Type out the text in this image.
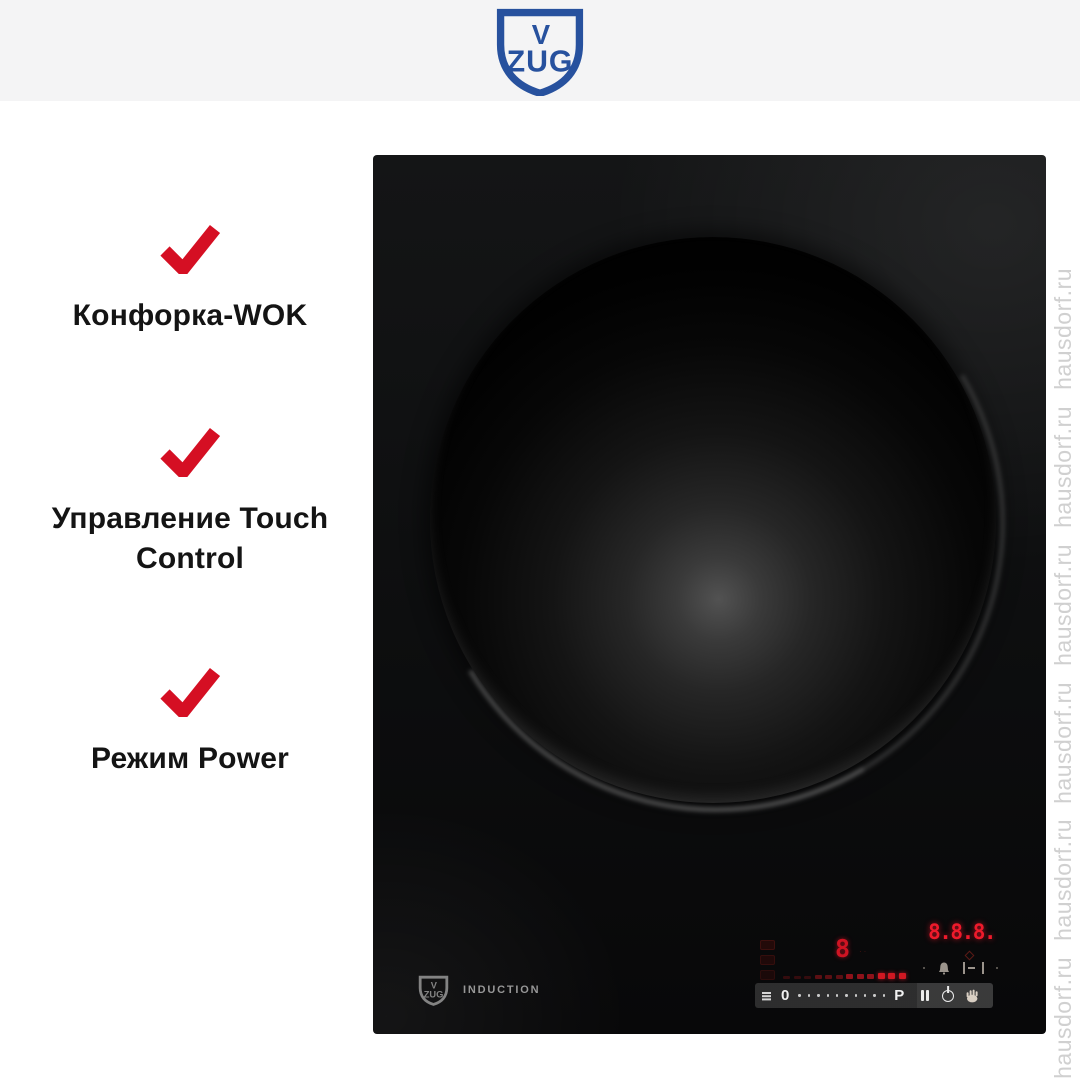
V
ZUG
Конфорка-WOK
Управление Touch Control
Режим Power
V
ZUG INDUCTION
8.8.8.
8 ··
0	P
hausdorf.ru
hausdorf.ru
hausdorf.ru
hausdorf.ru
hausdorf.ru
hausdorf.ru
